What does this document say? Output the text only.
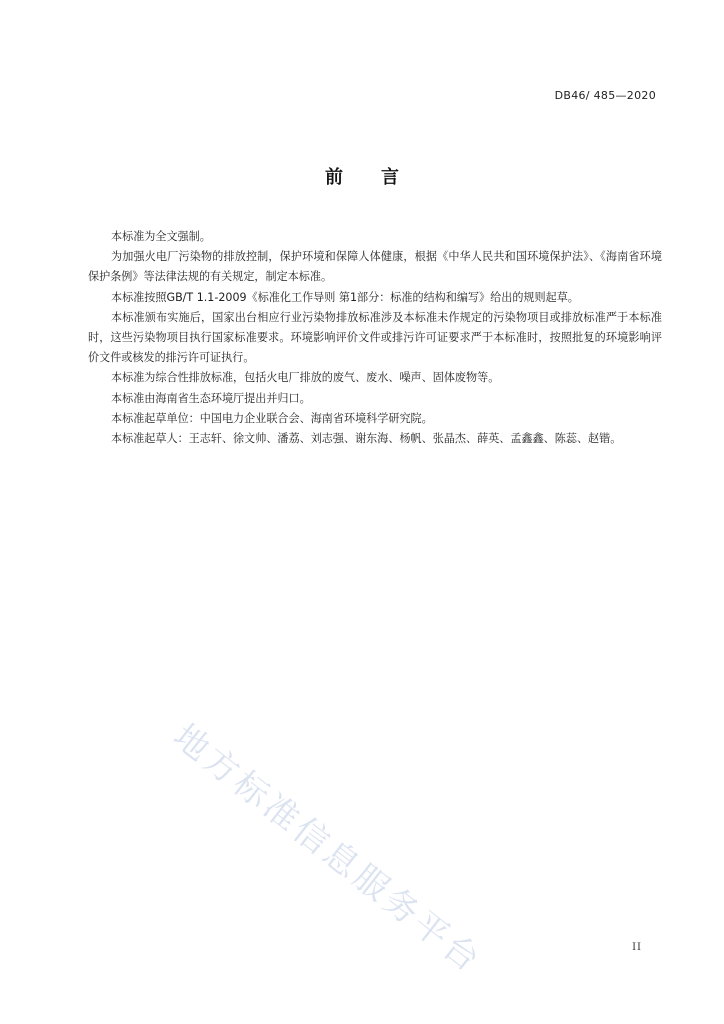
DB46/ 485—2020
前 言

本标准为全文强制。

为加强火电厂污染物的排放控制，保护环境和保障人体健康，根据《中华人民共和国环境保护法》、《海南省环境保护条例》等法律法规的有关规定，制定本标准。

本标准按照GB/T 1.1-2009《标准化工作导则 第1部分：标准的结构和编写》给出的规则起草。

本标准颁布实施后，国家出台相应行业污染物排放标准涉及本标准未作规定的污染物项目或排放标准严于本标准时，这些污染物项目执行国家标准要求。环境影响评价文件或排污许可证要求严于本标准时，按照批复的环境影响评价文件或核发的排污许可证执行。

本标准为综合性排放标准，包括火电厂排放的废气、废水、噪声、固体废物等。

本标准由海南省生态环境厅提出并归口。

本标准起草单位：中国电力企业联合会、海南省环境科学研究院。

本标准起草人：王志轩、徐文帅、潘荔、刘志强、谢东海、杨帆、张晶杰、薛英、孟鑫鑫、陈蕊、赵锴。

地方标准信息服务平台	II
